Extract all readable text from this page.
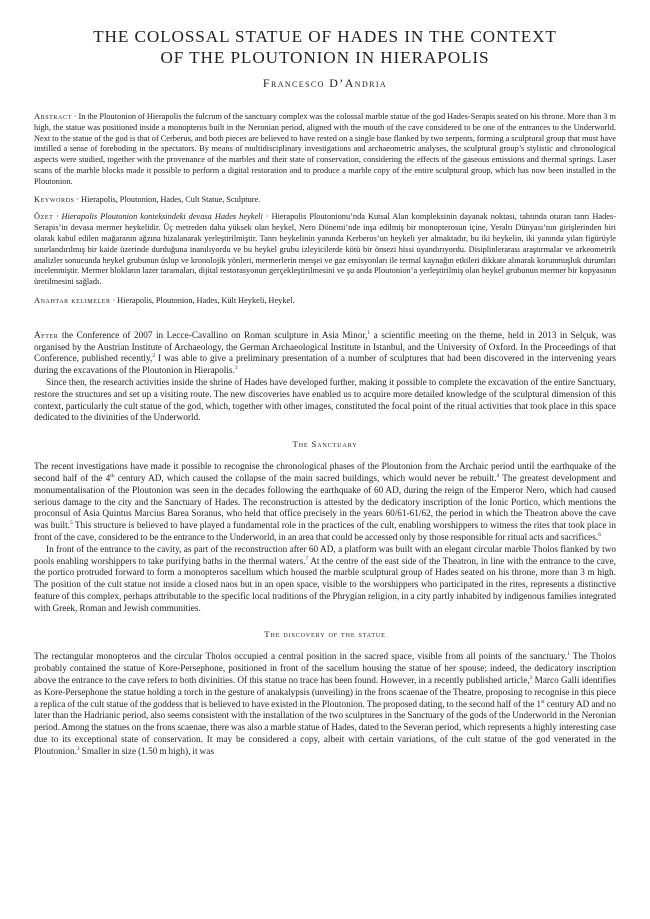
THE COLOSSAL STATUE OF HADES IN THE CONTEXT
OF THE PLOUTONION IN HIERAPOLIS
Francesco D’Andria
Abstract · In the Ploutonion of Hierapolis the fulcrum of the sanctuary complex was the colossal marble statue of the god Hades-Serapis seated on his throne. More than 3 m high, the statue was positioned inside a monopteros built in the Neronian period, aligned with the mouth of the cave considered to be one of the entrances to the Underworld. Next to the statue of the god is that of Cerberus, and both pieces are believed to have rested on a single base flanked by two serpents, forming a sculptural group that must have instilled a sense of foreboding in the spectators. By means of multidisciplinary investigations and archaeometric analyses, the sculptural group’s stylistic and chronological aspects were studied, together with the provenance of the marbles and their state of conservation, considering the effects of the gaseous emissions and thermal springs. Laser scans of the marble blocks made it possible to perform a digital restoration and to produce a marble copy of the entire sculptural group, which has now been installed in the Ploutonion.
Keywords · Hierapolis, Ploutonion, Hades, Cult Statue, Sculpture.
Özet · Hierapolis Ploutonion konteksindeki devasa Hades heykeli · Hierapolis Ploutonionu’nda Kutsal Alan kompleksinin dayanak noktası, tahtında oturan tanrı Hades-Serapis’in devasa mermer heykelidir. Üç metreden daha yüksek olan heykel, Nero Dönemi’nde inşa edilmiş bir monopterosun içine, Yeraltı Dünyası’nın girişlerinden biri olarak kabul edilen mağaranın ağzına hizalanarak yerleştirilmiştir. Tanrı heykelinin yanında Kerberos’un heykeli yer almaktadır, bu iki heykelin, iki yanında yılan figürüyle sınırlandırılmış bir kaide üzerinde durduğuna inanılıyordu ve bu heykel grubu izleyicilerde kötü bir önsezi hissi uyandırıyordu. Disiplinlerarası araştırmalar ve arkeometrik analizler sonucunda heykel grubunun üslup ve kronolojik yönleri, mermerlerin menşei ve gaz emisyonları ile termal kaynağın etkileri dikkate alınarak korunmuşluk durumları incelenmiştir. Mermer blokların lazer taramaları, dijital restorasyonun gerçekleştirilmesini ve şu anda Ploutonion’a yerleştirilmiş olan heykel grubunun mermer bir kopyasının üretilmesini sağladı.
Anahtar kelimeler · Hierapolis, Ploutonion, Hades, Kült Heykeli, Heykel.

After the Conference of 2007 in Lecce-Cavallino on Roman sculpture in Asia Minor,$^1$ a scientific meeting on the theme, held in 2013 in Selçuk, was organised by the Austrian Institute of Archaeology, the German Archaeological Institute in Istanbul, and the University of Oxford. In the Proceedings of that Conference, published recently,$^2$ I was able to give a preliminary presentation of a number of sculptures that had been discovered in the intervening years during the excavations of the Ploutonion in Hierapolis.$^3$

Since then, the research activities inside the shrine of Hades have developed further, making it possible to complete the excavation of the entire Sanctuary, restore the structures and set up a visiting route. The new discoveries have enabled us to acquire more detailed knowledge of the sculptural dimension of this context, particularly the cult statue of the god, which, together with other images, constituted the focal point of the ritual activities that took place in this space dedicated to the divinities of the Underworld.

The Sanctuary

The recent investigations have made it possible to recognise the chronological phases of the Ploutonion from the Archaic period until the earthquake of the second half of the 4th century AD, which caused the collapse of the main sacred buildings, which would never be rebuilt.$^4$ The greatest development and monumentalisation of the Ploutonion was seen in the decades following the earthquake of 60 AD, during the reign of the Emperor Nero, which had caused serious damage to the city and the Sanctuary of Hades. The reconstruction is attested by the dedicatory inscription of the Ionic Portico, which mentions the proconsul of Asia Quintus Marcius Barea Soranus, who held that office precisely in the years 60/61-61/62, the period in which the Theatron above the cave was built.$^5$ This structure is believed to have played a fundamental role in the practices of the cult, enabling worshippers to witness the rites that took place in front of the cave, considered to be the entrance to the Underworld, in an area that could be accessed only by those responsible for ritual acts and sacrifices.$^6$

In front of the entrance to the cavity, as part of the reconstruction after 60 AD, a platform was built with an elegant circular marble Tholos flanked by two pools enabling worshippers to take purifying baths in the thermal waters.$^7$ At the centre of the east side of the Theatron, in line with the entrance to the cave, the portico protruded forward to form a monopteros sacellum which housed the marble sculptural group of Hades seated on his throne, more than 3 m high. The position of the cult statue not inside a closed naos but in an open space, visible to the worshippers who participated in the rites, represents a distinctive feature of this complex, perhaps attributable to the specific local traditions of the Phrygian religion, in a city partly inhabited by indigenous families integrated with Greek, Roman and Jewish communities.

The discovery of the statue

The rectangular monopteros and the circular Tholos occupied a central position in the sacred space, visible from all points of the sanctuary.$^1$ The Tholos probably contained the statue of Kore-Persephone, positioned in front of the sacellum housing the statue of her spouse; indeed, the dedicatory inscription above the entrance to the cave refers to both divinities. Of this statue no trace has been found. However, in a recently published article,$^2$ Marco Galli identifies as Kore-Persephone the statue holding a torch in the gesture of anakalypsis (unveiling) in the frons scaenae of the Theatre, proposing to recognise in this piece a replica of the cult statue of the goddess that is believed to have existed in the Ploutonion. The proposed dating, to the second half of the 1st century AD and no later than the Hadrianic period, also seems consistent with the installation of the two sculptures in the Sanctuary of the gods of the Underworld in the Neronian period. Among the statues on the frons scaenae, there was also a marble statue of Hades, dated to the Severan period, which represents a highly interesting case due to its exceptional state of conservation. It may be considered a copy, albeit with certain variations, of the cult statue of the god venerated in the Ploutonion.$^3$ Smaller in size (1.50 m high), it was
